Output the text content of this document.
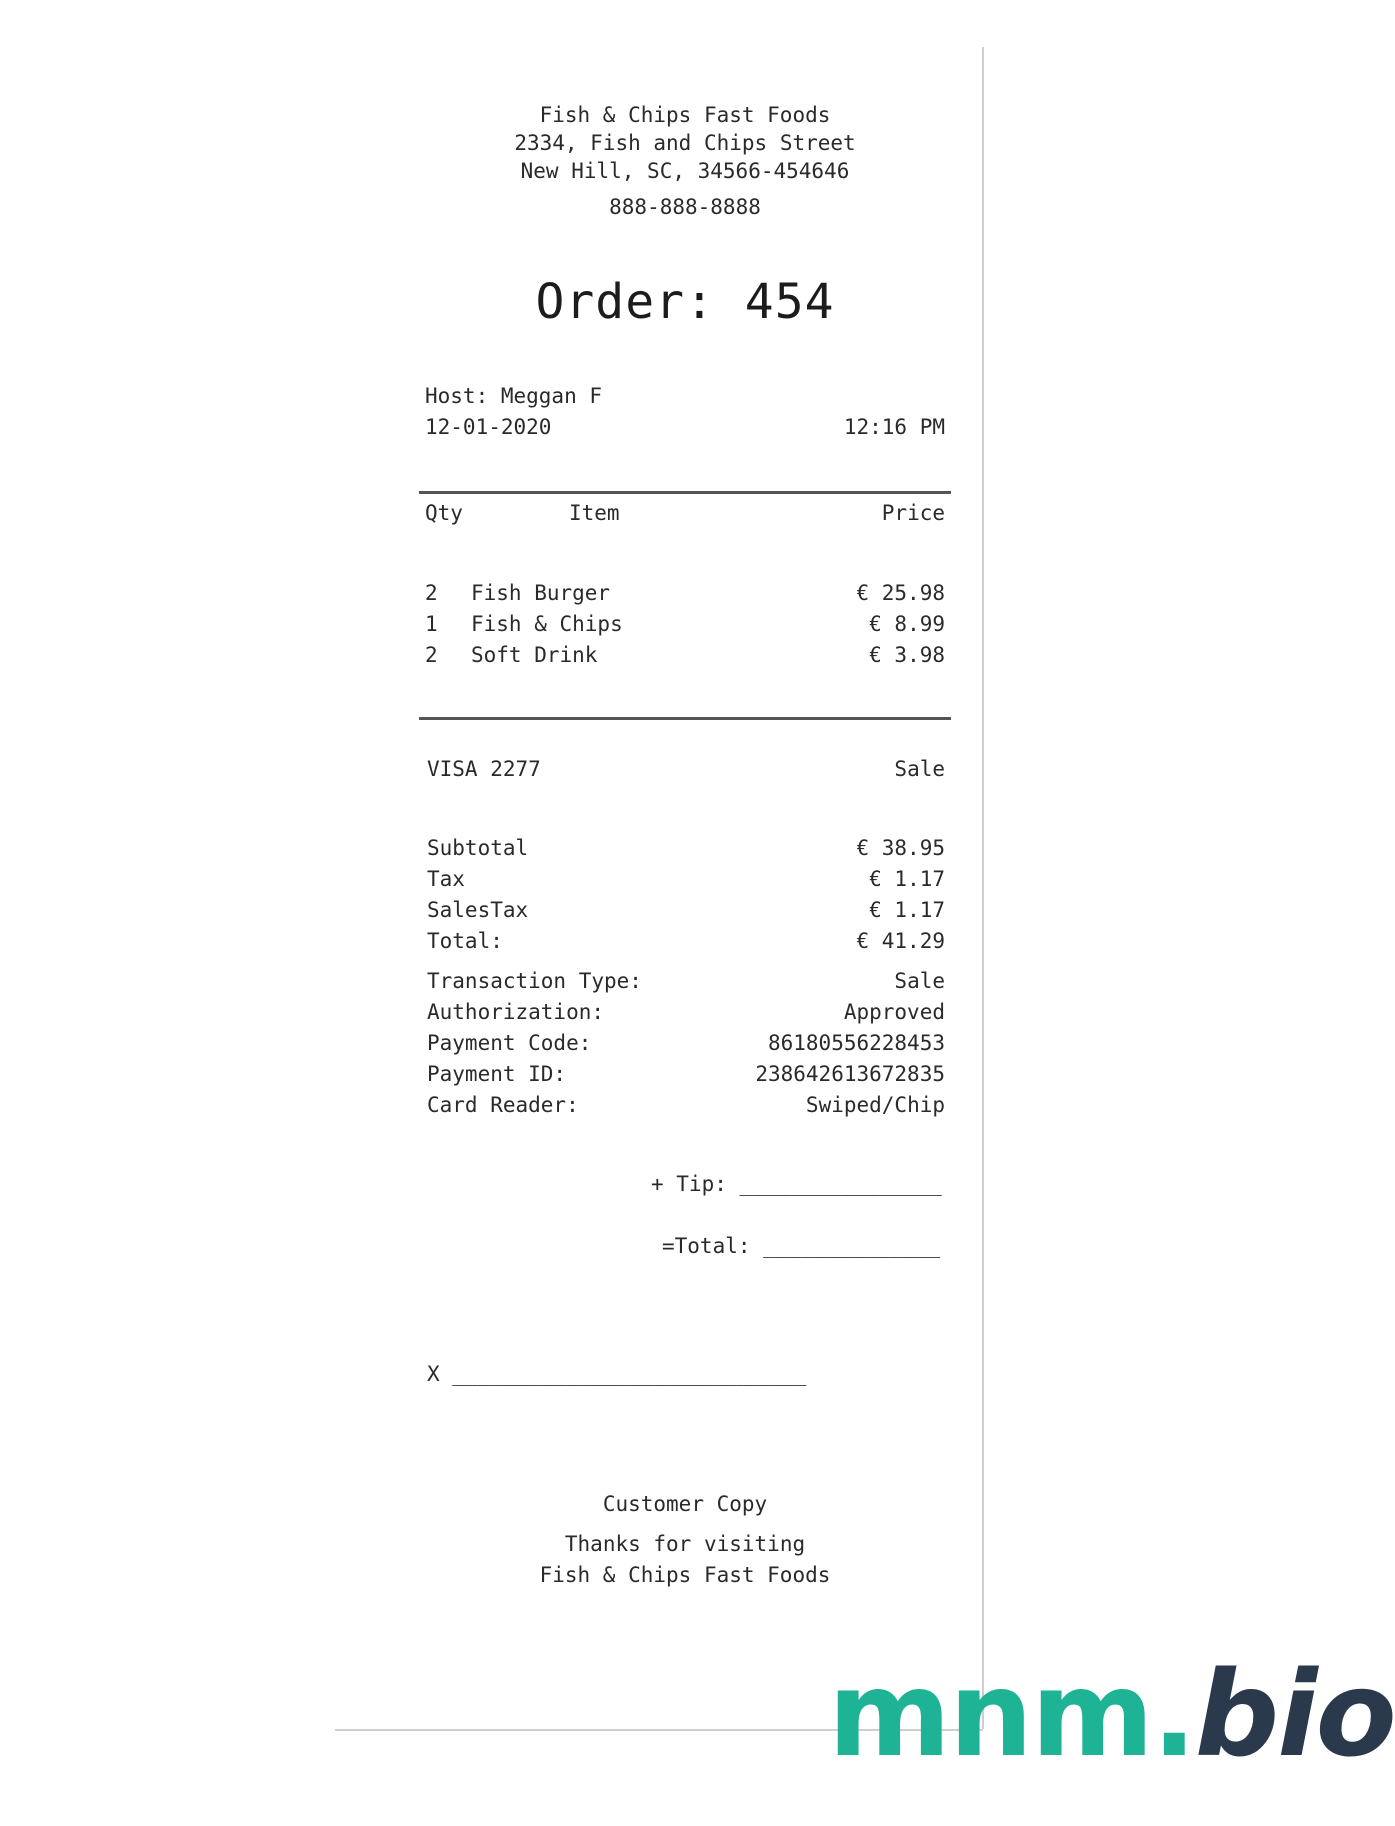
Fish & Chips Fast Foods
2334, Fish and Chips Street
New Hill, SC, 34566-454646
888-888-8888
Order: 454
Host: Meggan F
12-01-2020	12:16 PM
Qty	Item	Price
2 Fish Burger	€ 25.98
1 Fish & Chips	€ 8.99
2 Soft Drink	€ 3.98
VISA 2277	Sale
Subtotal	€ 38.95
Tax	€ 1.17
SalesTax	€ 1.17
Total:	€ 41.29
Transaction Type:	Sale
Authorization:	Approved
Payment Code:	86180556228453
Payment ID:	238642613672835
Card Reader:	Swiped/Chip
+ Tip: ________________
=Total: ______________
X ____________________________
Customer Copy
Thanks for visiting
Fish & Chips Fast Foods
mnm.bio
